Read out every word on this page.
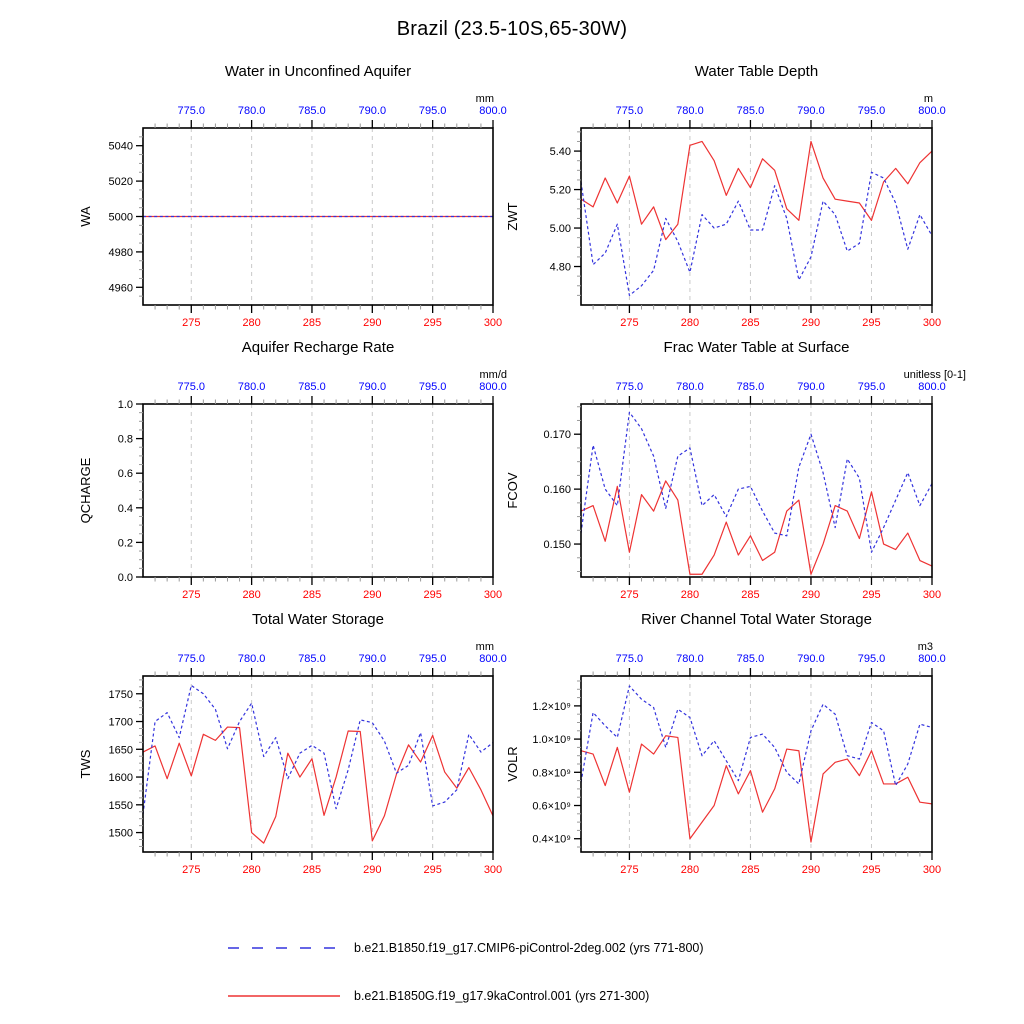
Brazil (23.5-10S,65-30W)
275	280	285	290	295	300
775.0	780.0	785.0	790.0	795.0	800.0
4960
4980
5000
5020
5040
Water in Unconfined Aquifer
mm
WA
275	280	285	290	295	300
775.0	780.0	785.0	790.0	795.0	800.0
4.80
5.00
5.20
5.40
Water Table Depth
m
ZWT
275	280	285	290	295	300
775.0	780.0	785.0	790.0	795.0	800.0
0.0
0.2
0.4
0.6
0.8
1.0
Aquifer Recharge Rate
mm/d
QCHARGE
275	280	285	290	295	300
775.0	780.0	785.0	790.0	795.0	800.0
0.150
0.160
0.170
Frac Water Table at Surface
unitless [0-1]
FCOV
275	280	285	290	295	300
775.0	780.0	785.0	790.0	795.0	800.0
1500
1550
1600
1650
1700
1750
Total Water Storage
mm
TWS
275	280	285	290	295	300
775.0	780.0	785.0	790.0	795.0	800.0
0.4×10⁹
0.6×10⁹
0.8×10⁹
1.0×10⁹
1.2×10⁹
River Channel Total Water Storage
m3
VOLR
b.e21.B1850.f19_g17.CMIP6-piControl-2deg.002 (yrs 771-800)
b.e21.B1850G.f19_g17.9kaControl.001 (yrs 271-300)
